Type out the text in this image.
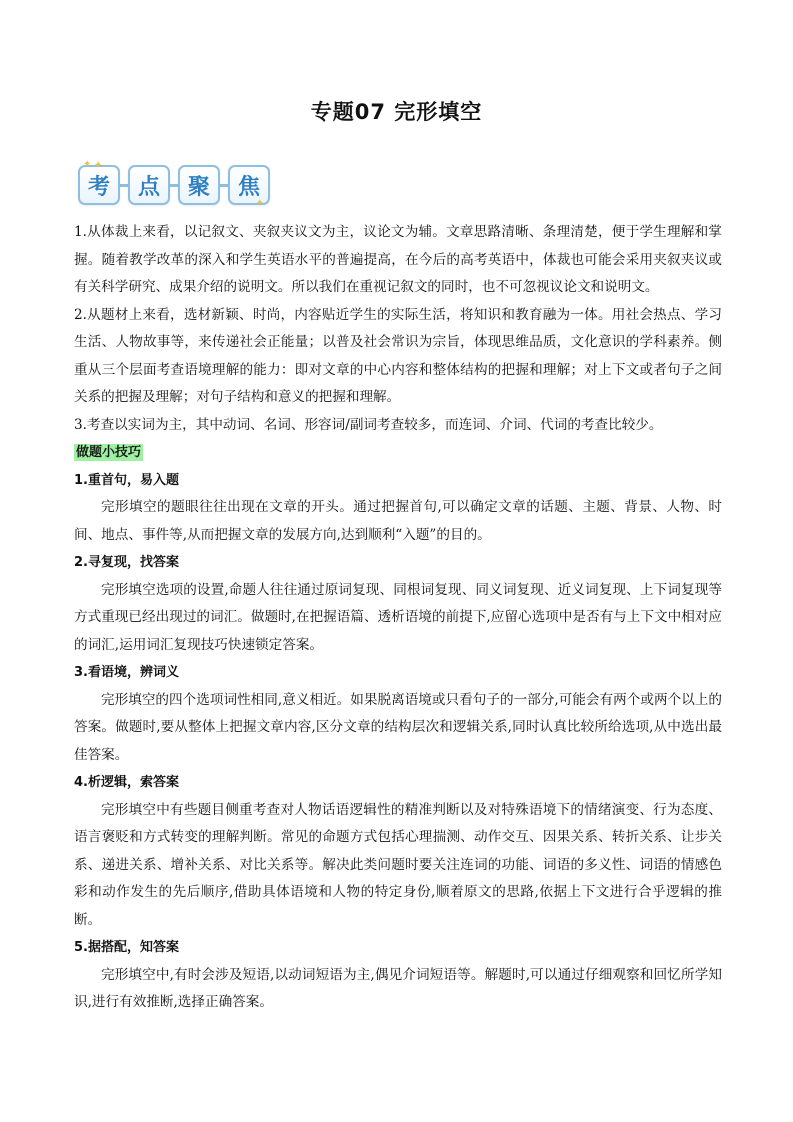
专题07 完形填空
✦ ✦
考 点 聚
✦
焦

1.从体裁上来看，以记叙文、夹叙夹议文为主，议论文为辅。文章思路清晰、条理清楚，便于学生理解和掌握。随着教学改革的深入和学生英语水平的普遍提高，在今后的高考英语中，体裁也可能会采用夹叙夹议或有关科学研究、成果介绍的说明文。所以我们在重视记叙文的同时，也不可忽视议论文和说明文。

2.从题材上来看，选材新颖、时尚，内容贴近学生的实际生活，将知识和教育融为一体。用社会热点、学习生活、人物故事等，来传递社会正能量；以普及社会常识为宗旨，体现思维品质，文化意识的学科素养。侧重从三个层面考查语境理解的能力：即对文章的中心内容和整体结构的把握和理解；对上下文或者句子之间关系的把握及理解；对句子结构和意义的把握和理解。

3.考查以实词为主，其中动词、名词、形容词/副词考查较多，而连词、介词、代词的考查比较少。

做题小技巧

1.重首句，易入题

完形填空的题眼往往出现在文章的开头。通过把握首句,可以确定文章的话题、主题、背景、人物、时间、地点、事件等,从而把握文章的发展方向,达到顺利“入题”的目的。

2.寻复现，找答案

完形填空选项的设置,命题人往往通过原词复现、同根词复现、同义词复现、近义词复现、上下词复现等方式重现已经出现过的词汇。做题时,在把握语篇、透析语境的前提下,应留心选项中是否有与上下文中相对应的词汇,运用词汇复现技巧快速锁定答案。

3.看语境，辨词义

完形填空的四个选项词性相同,意义相近。如果脱离语境或只看句子的一部分,可能会有两个或两个以上的答案。做题时,要从整体上把握文章内容,区分文章的结构层次和逻辑关系,同时认真比较所给选项,从中选出最佳答案。

4.析逻辑，索答案

完形填空中有些题目侧重考查对人物话语逻辑性的精准判断以及对特殊语境下的情绪演变、行为态度、语言褒贬和方式转变的理解判断。常见的命题方式包括心理揣测、动作交互、因果关系、转折关系、让步关系、递进关系、增补关系、对比关系等。解决此类问题时要关注连词的功能、词语的多义性、词语的情感色彩和动作发生的先后顺序,借助具体语境和人物的特定身份,顺着原文的思路,依据上下文进行合乎逻辑的推断。

5.据搭配，知答案

完形填空中,有时会涉及短语,以动词短语为主,偶见介词短语等。解题时,可以通过仔细观察和回忆所学知识,进行有效推断,选择正确答案。
